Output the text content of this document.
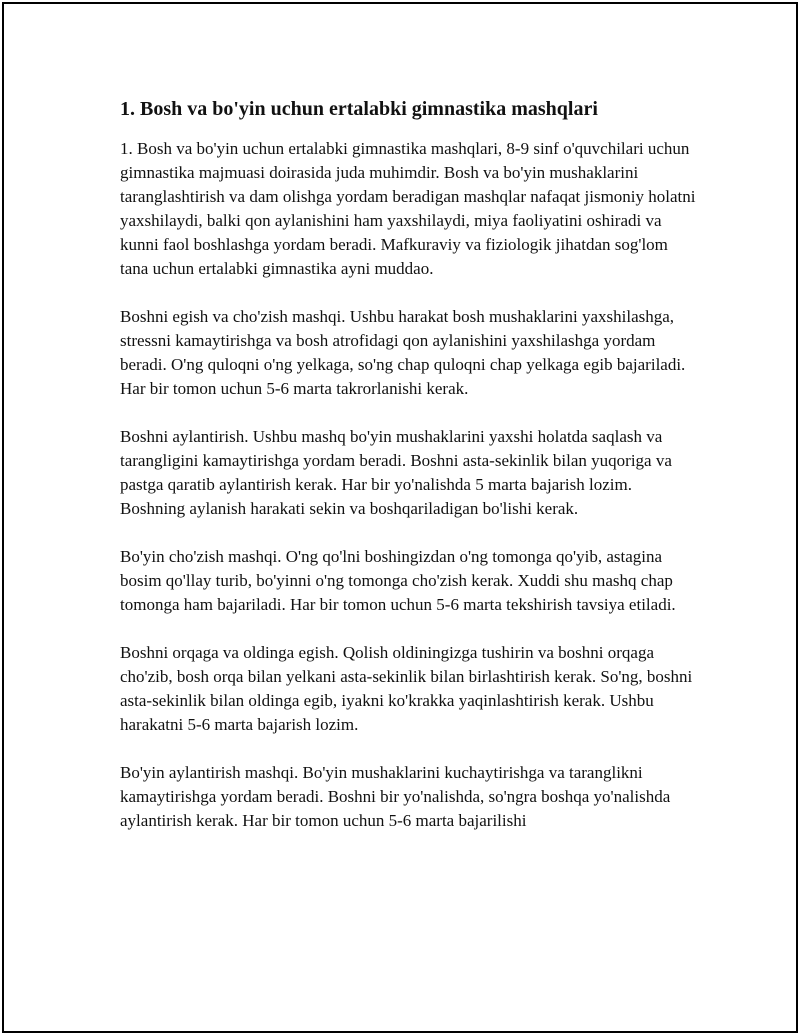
1. Bosh va bo'yin uchun ertalabki gimnastika mashqlari

1. Bosh va bo'yin uchun ertalabki gimnastika mashqlari, 8-9 sinf o'quvchilari uchun gimnastika majmuasi doirasida juda muhimdir. Bosh va bo'yin mushaklarini taranglashtirish va dam olishga yordam beradigan mashqlar nafaqat jismoniy holatni yaxshilaydi, balki qon aylanishini ham yaxshilaydi, miya faoliyatini oshiradi va kunni faol boshlashga yordam beradi. Mafkuraviy va fiziologik jihatdan sog'lom tana uchun ertalabki gimnastika ayni muddao.

Boshni egish va cho'zish mashqi. Ushbu harakat bosh mushaklarini yaxshilashga, stressni kamaytirishga va bosh atrofidagi qon aylanishini yaxshilashga yordam beradi. O'ng quloqni o'ng yelkaga, so'ng chap quloqni chap yelkaga egib bajariladi. Har bir tomon uchun 5-6 marta takrorlanishi kerak.

Boshni aylantirish. Ushbu mashq bo'yin mushaklarini yaxshi holatda saqlash va tarangligini kamaytirishga yordam beradi. Boshni asta-sekinlik bilan yuqoriga va pastga qaratib aylantirish kerak. Har bir yo'nalishda 5 marta bajarish lozim. Boshning aylanish harakati sekin va boshqariladigan bo'lishi kerak.

Bo'yin cho'zish mashqi. O'ng qo'lni boshingizdan o'ng tomonga qo'yib, astagina bosim qo'llay turib, bo'yinni o'ng tomonga cho'zish kerak. Xuddi shu mashq chap tomonga ham bajariladi. Har bir tomon uchun 5-6 marta tekshirish tavsiya etiladi.

Boshni orqaga va oldinga egish. Qolish oldiningizga tushirin va boshni orqaga cho'zib, bosh orqa bilan yelkani asta-sekinlik bilan birlashtirish kerak. So'ng, boshni asta-sekinlik bilan oldinga egib, iyakni ko'krakka yaqinlashtirish kerak. Ushbu harakatni 5-6 marta bajarish lozim.

Bo'yin aylantirish mashqi. Bo'yin mushaklarini kuchaytirishga va taranglikni kamaytirishga yordam beradi. Boshni bir yo'nalishda, so'ngra boshqa yo'nalishda aylantirish kerak. Har bir tomon uchun 5-6 marta bajarilishi
